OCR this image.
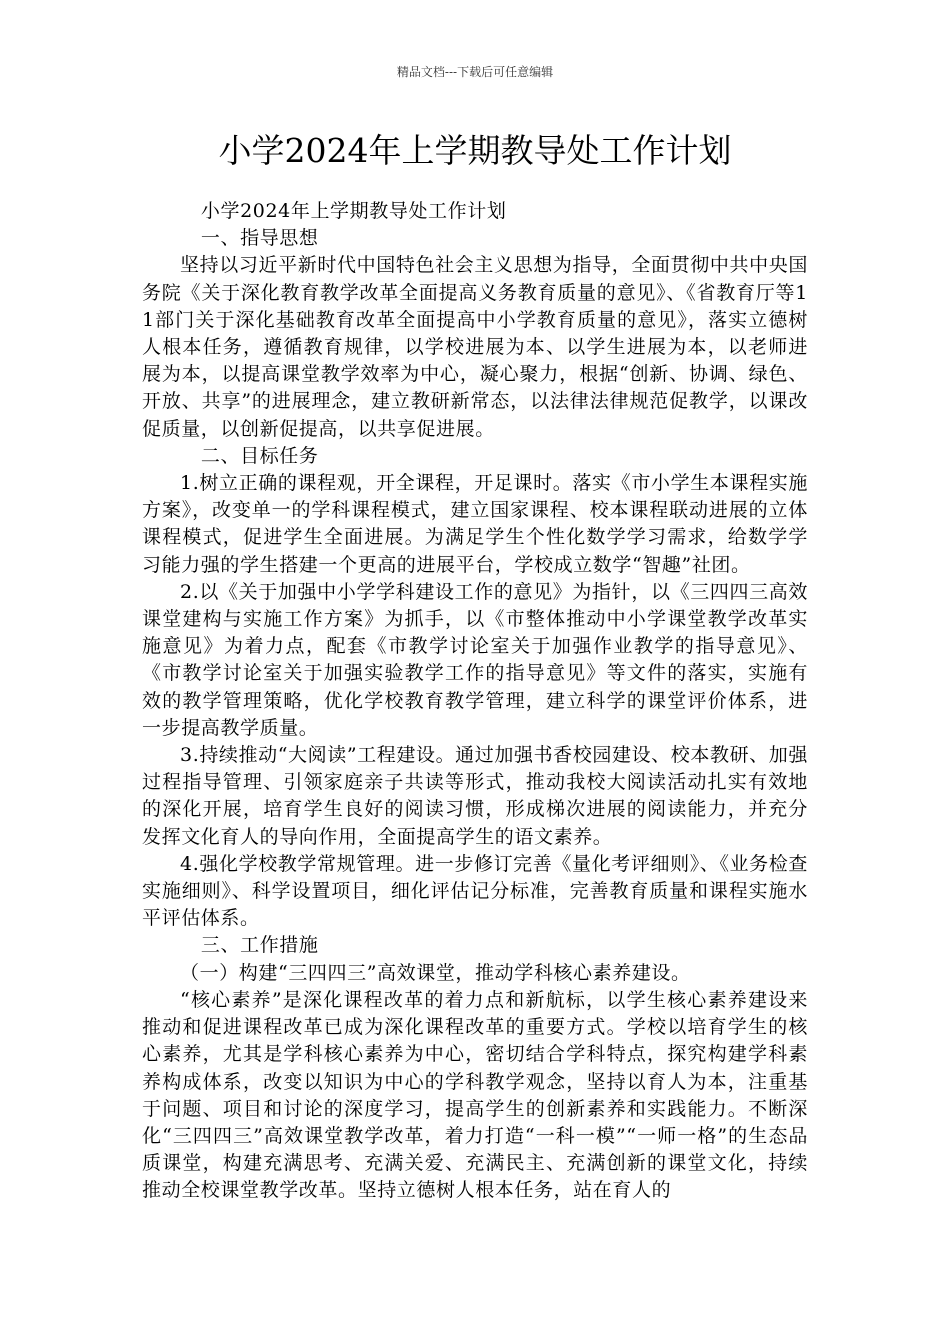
精品文档---下载后可任意编辑
小学2024年上学期教导处工作计划

小学2024年上学期教导处工作计划

一、指导思想

坚持以习近平新时代中国特色社会主义思想为指导，全面贯彻中共中央国务院《关于深化教育教学改革全面提高义务教育质量的意见》、《省教育厅等11部门关于深化基础教育改革全面提高中小学教育质量的意见》，落实立德树人根本任务，遵循教育规律，以学校进展为本、以学生进展为本，以老师进展为本，以提高课堂教学效率为中心，凝心聚力，根据“创新、协调、绿色、开放、共享”的进展理念，建立教研新常态，以法律法律规范促教学，以课改促质量，以创新促提高，以共享促进展。

二、目标任务

1.树立正确的课程观，开全课程，开足课时。落实《市小学生本课程实施方案》，改变单一的学科课程模式，建立国家课程、校本课程联动进展的立体课程模式，促进学生全面进展。为满足学生个性化数学学习需求，给数学学习能力强的学生搭建一个更高的进展平台，学校成立数学“智趣”社团。

2.以《关于加强中小学学科建设工作的意见》为指针，以《三四四三高效课堂建构与实施工作方案》为抓手，以《市整体推动中小学课堂教学改革实施意见》为着力点，配套《市教学讨论室关于加强作业教学的指导意见》、《市教学讨论室关于加强实验教学工作的指导意见》等文件的落实，实施有效的教学管理策略，优化学校教育教学管理，建立科学的课堂评价体系，进一步提高教学质量。

3.持续推动“大阅读”工程建设。通过加强书香校园建设、校本教研、加强过程指导管理、引领家庭亲子共读等形式，推动我校大阅读活动扎实有效地的深化开展，培育学生良好的阅读习惯，形成梯次进展的阅读能力，并充分发挥文化育人的导向作用，全面提高学生的语文素养。

4.强化学校教学常规管理。进一步修订完善《量化考评细则》、《业务检查实施细则》、科学设置项目，细化评估记分标准，完善教育质量和课程实施水平评估体系。

三、工作措施

（一）构建“三四四三”高效课堂，推动学科核心素养建设。

“核心素养”是深化课程改革的着力点和新航标，以学生核心素养建设来推动和促进课程改革已成为深化课程改革的重要方式。学校以培育学生的核心素养，尤其是学科核心素养为中心，密切结合学科特点，探究构建学科素养构成体系，改变以知识为中心的学科教学观念，坚持以育人为本，注重基于问题、项目和讨论的深度学习，提高学生的创新素养和实践能力。不断深化“三四四三”高效课堂教学改革，着力打造“一科一模”“一师一格”的生态品质课堂，构建充满思考、充满关爱、充满民主、充满创新的课堂文化，持续推动全校课堂教学改革。坚持立德树人根本任务，站在育人的
